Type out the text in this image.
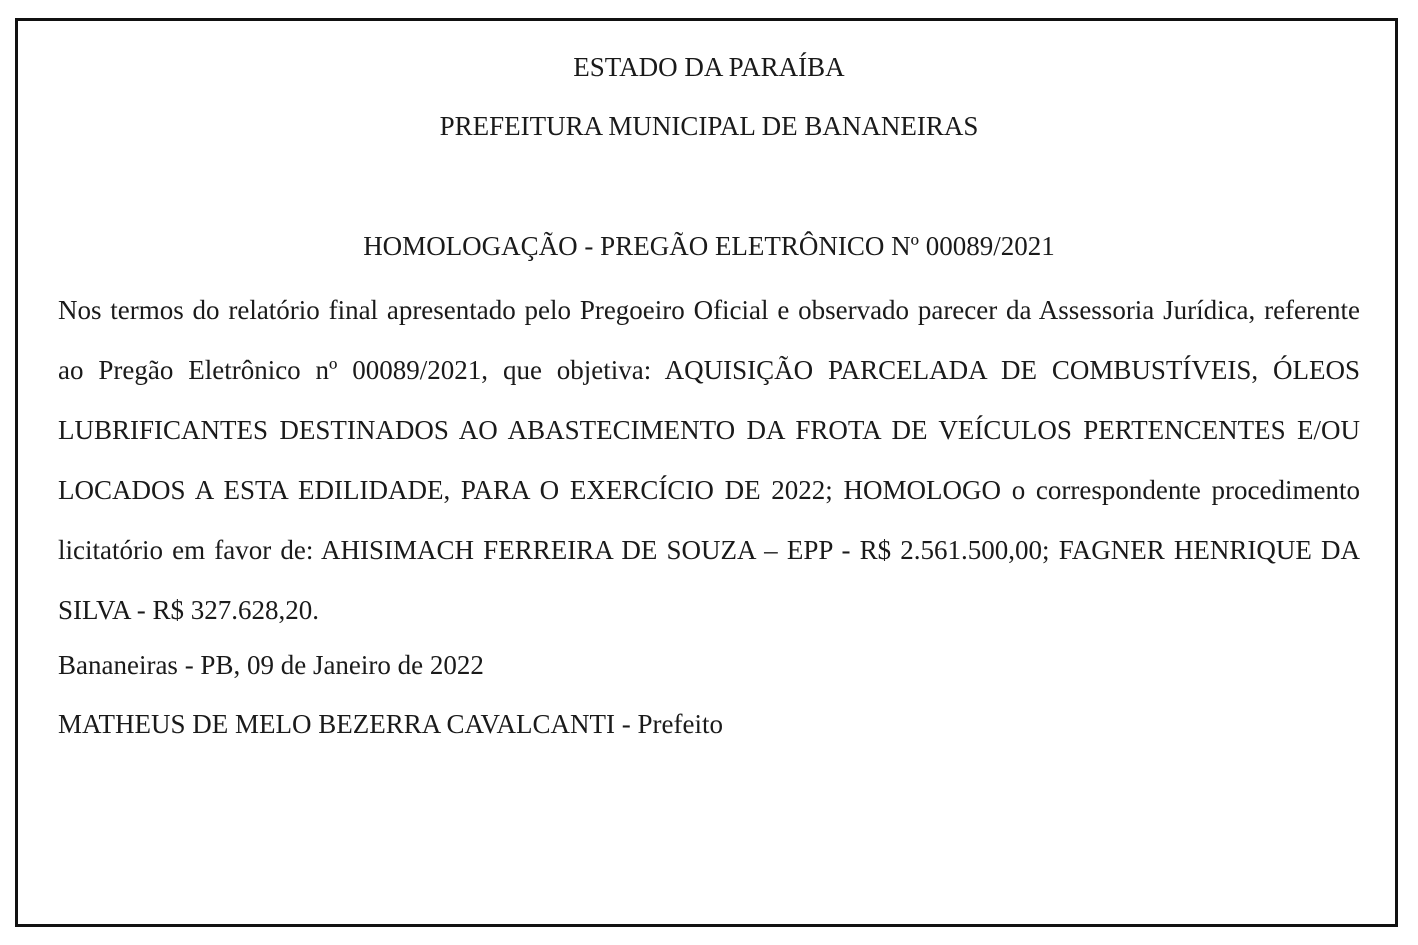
ESTADO DA PARAÍBA
PREFEITURA MUNICIPAL DE BANANEIRAS
HOMOLOGAÇÃO - PREGÃO ELETRÔNICO Nº 00089/2021
Nos termos do relatório final apresentado pelo Pregoeiro Oficial e observado parecer da Assessoria Jurídica, referente ao Pregão Eletrônico nº 00089/2021, que objetiva: AQUISIÇÃO PARCELADA DE COMBUSTÍVEIS, ÓLEOS LUBRIFICANTES DESTINADOS AO ABASTECIMENTO DA FROTA DE VEÍCULOS PERTENCENTES E/OU LOCADOS A ESTA EDILIDADE, PARA O EXERCÍCIO DE 2022; HOMOLOGO o correspondente procedimento licitatório em favor de: AHISIMACH FERREIRA DE SOUZA – EPP - R$ 2.561.500,00; FAGNER HENRIQUE DA SILVA - R$ 327.628,20.
Bananeiras - PB, 09 de Janeiro de 2022
MATHEUS DE MELO BEZERRA CAVALCANTI - Prefeito
